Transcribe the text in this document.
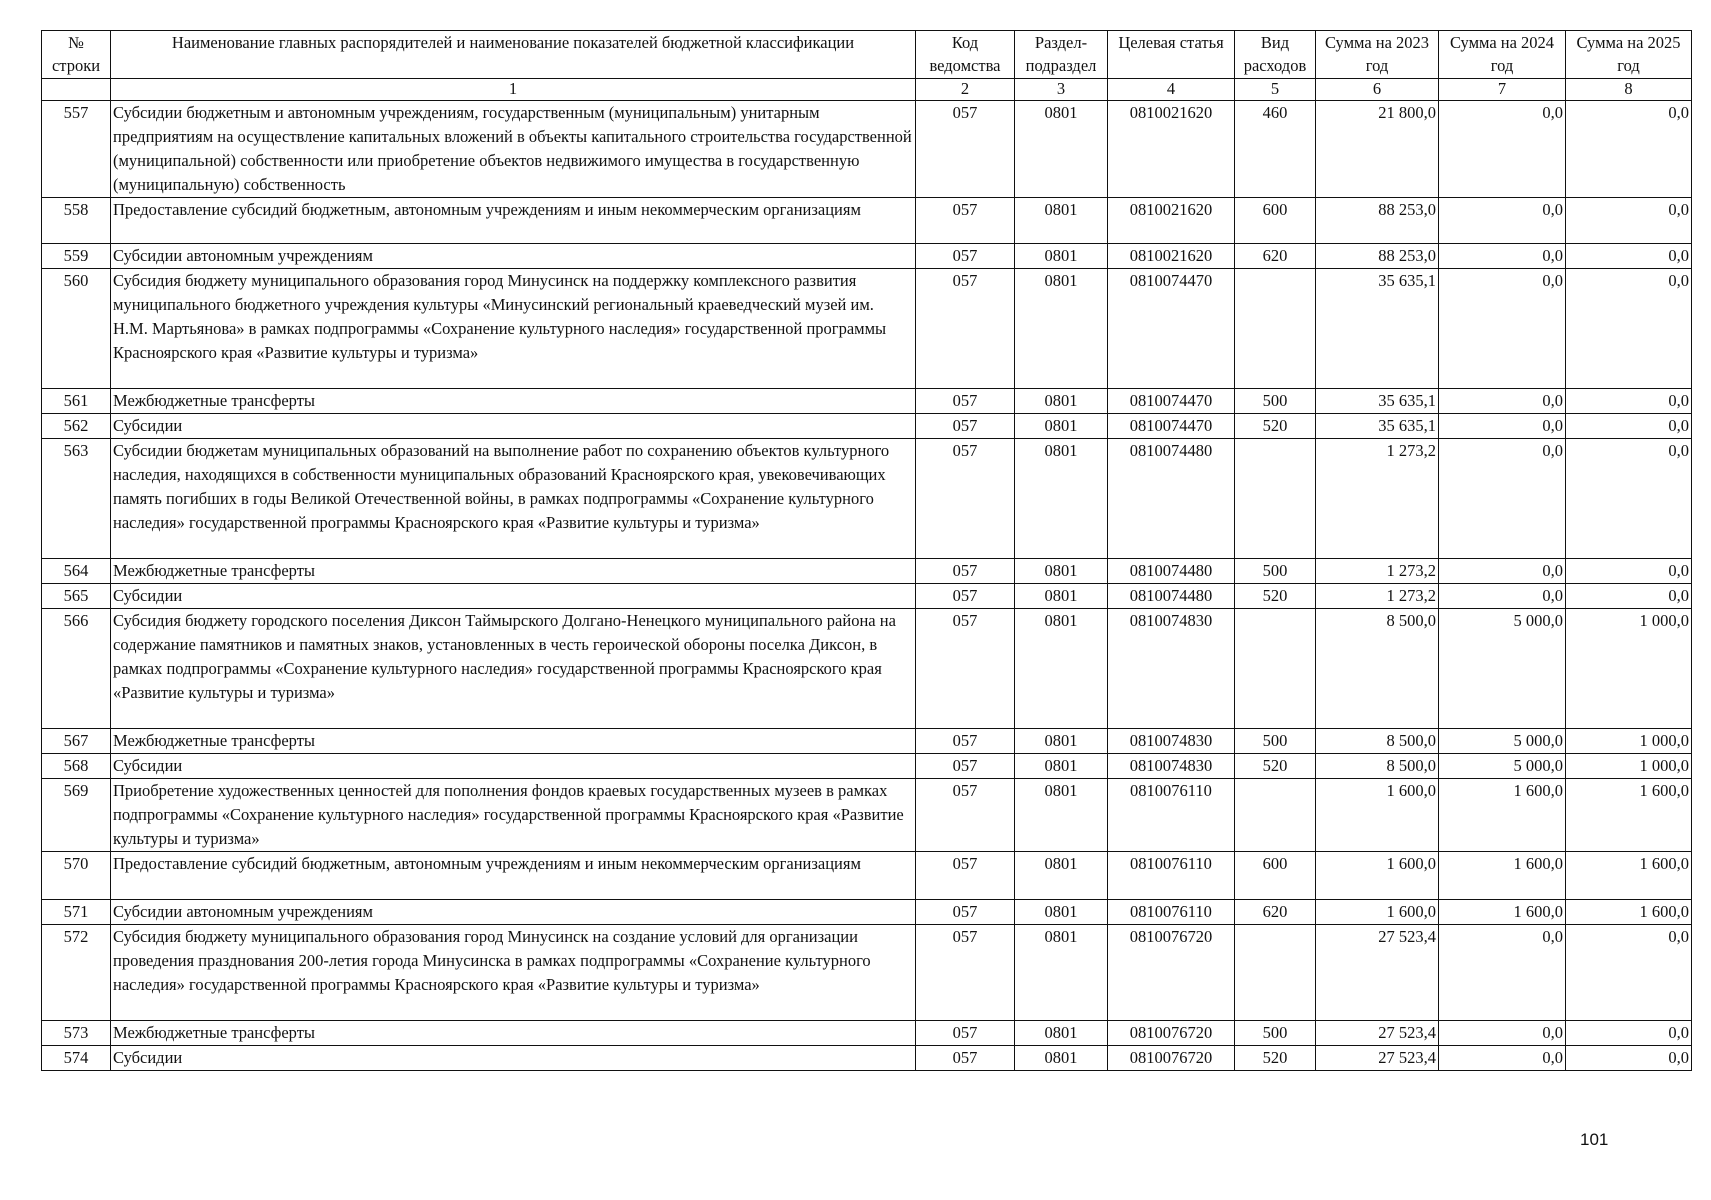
№ строки	Наименование главных распорядителей и наименование показателей бюджетной классификации	Код ведомства	Раздел-подраздел	Целевая статья	Вид расходов	Сумма на 2023 год	Сумма на 2024 год	Сумма на 2025 год
	1	2	3	4	5	6	7	8
557	Субсидии бюджетным и автономным учреждениям, государственным (муниципальным) унитарным предприятиям на осуществление капитальных вложений в объекты капитального строительства государственной (муниципальной) собственности или приобретение объектов недвижимого имущества в государственную (муниципальную) собственность	057	0801	0810021620	460	21 800,0	0,0	0,0
558	Предоставление субсидий бюджетным, автономным учреждениям и иным некоммерческим организациям	057	0801	0810021620	600	88 253,0	0,0	0,0
559	Субсидии автономным учреждениям	057	0801	0810021620	620	88 253,0	0,0	0,0
560	Субсидия бюджету муниципального образования город Минусинск на поддержку комплексного развития муниципального бюджетного учреждения культуры «Минусинский региональный краеведческий музей им. Н.М. Мартьянова» в рамках подпрограммы «Сохранение культурного наследия» государственной программы Красноярского края «Развитие культуры и туризма»	057	0801	0810074470		35 635,1	0,0	0,0
561	Межбюджетные трансферты	057	0801	0810074470	500	35 635,1	0,0	0,0
562	Субсидии	057	0801	0810074470	520	35 635,1	0,0	0,0
563	Субсидии бюджетам муниципальных образований на выполнение работ по сохранению объектов культурного наследия, находящихся в собственности муниципальных образований Красноярского края, увековечивающих память погибших в годы Великой Отечественной войны, в рамках подпрограммы «Сохранение культурного наследия» государственной программы Красноярского края «Развитие культуры и туризма»	057	0801	0810074480		1 273,2	0,0	0,0
564	Межбюджетные трансферты	057	0801	0810074480	500	1 273,2	0,0	0,0
565	Субсидии	057	0801	0810074480	520	1 273,2	0,0	0,0
566	Субсидия бюджету городского поселения Диксон Таймырского Долгано-Ненецкого муниципального района на содержание памятников и памятных знаков, установленных в честь героической обороны поселка Диксон, в рамках подпрограммы «Сохранение культурного наследия» государственной программы Красноярского края «Развитие культуры и туризма»	057	0801	0810074830		8 500,0	5 000,0	1 000,0
567	Межбюджетные трансферты	057	0801	0810074830	500	8 500,0	5 000,0	1 000,0
568	Субсидии	057	0801	0810074830	520	8 500,0	5 000,0	1 000,0
569	Приобретение художественных ценностей для пополнения фондов краевых государственных музеев в рамках подпрограммы «Сохранение культурного наследия» государственной программы Красноярского края «Развитие культуры и туризма»	057	0801	0810076110		1 600,0	1 600,0	1 600,0
570	Предоставление субсидий бюджетным, автономным учреждениям и иным некоммерческим организациям	057	0801	0810076110	600	1 600,0	1 600,0	1 600,0
571	Субсидии автономным учреждениям	057	0801	0810076110	620	1 600,0	1 600,0	1 600,0
572	Субсидия бюджету муниципального образования город Минусинск на создание условий для организации проведения празднования 200-летия города Минусинска в рамках подпрограммы «Сохранение культурного наследия» государственной программы Красноярского края «Развитие культуры и туризма»	057	0801	0810076720		27 523,4	0,0	0,0
573	Межбюджетные трансферты	057	0801	0810076720	500	27 523,4	0,0	0,0
574	Субсидии	057	0801	0810076720	520	27 523,4	0,0	0,0
101
